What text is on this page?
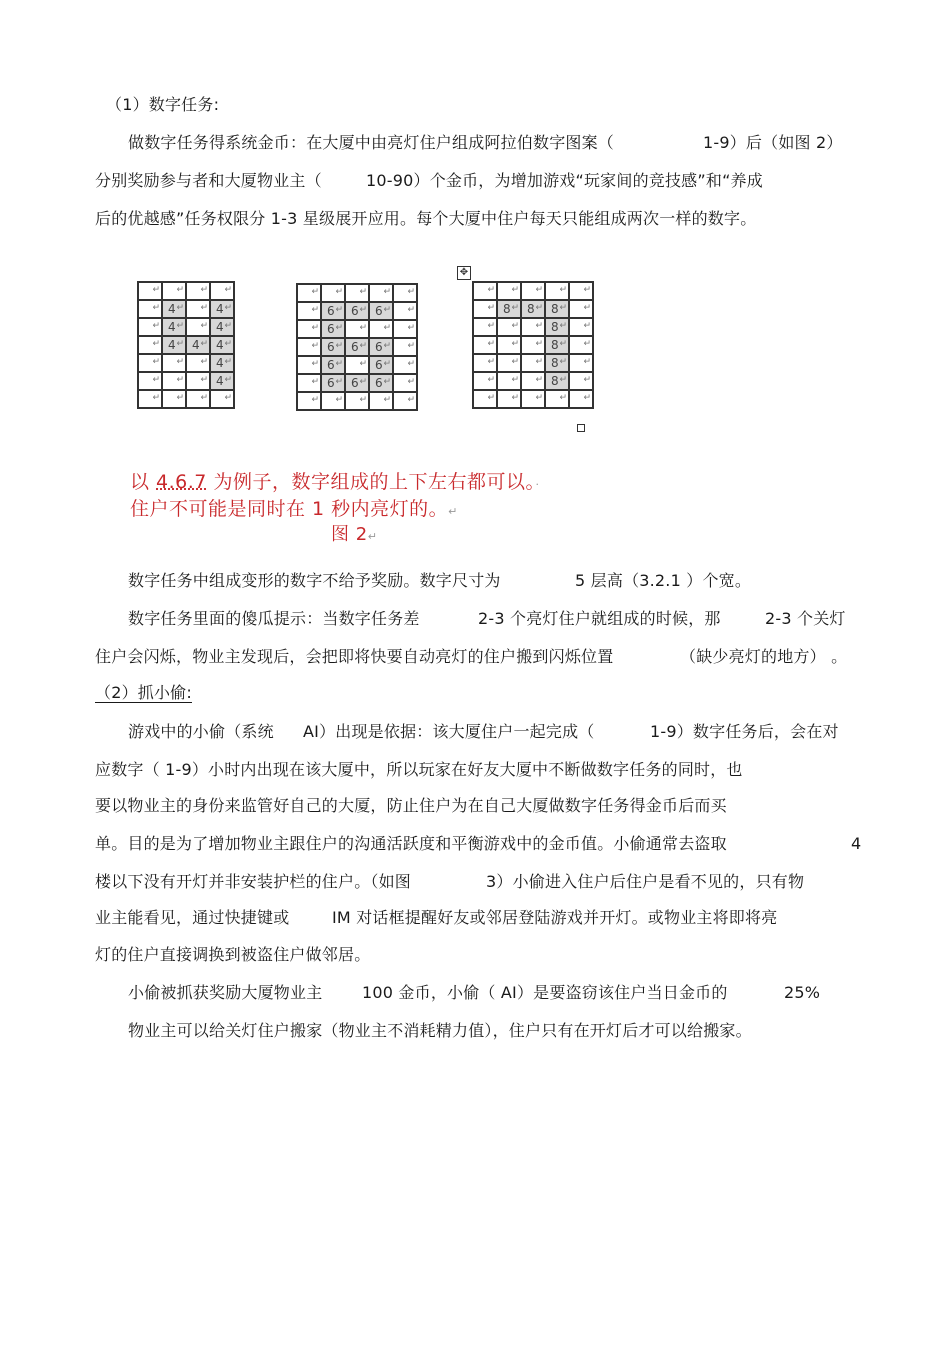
（1）数字任务:
做数字任务得系统金币：在大厦中由亮灯住户组成阿拉伯数字图案（	1-9）后（如图 2）
分别奖励参与者和大厦物业主（	10-90）个金币，为增加游戏“玩家间的竞技感”和“养成
后的优越感”任务权限分 1-3 星级展开应用。每个大厦中住户每天只能组成两次一样的数字。
↵	↵	↵	↵

↵	4 ↵	↵	4 ↵

↵	4 ↵	↵	4 ↵

↵	4 ↵	4 ↵	4 ↵

↵	↵	↵	4 ↵

↵	↵	↵	4 ↵

↵	↵	↵	↵
↵	↵	↵	↵	↵

↵	6 ↵	6 ↵	6 ↵	↵

↵	6 ↵	↵	↵	↵

↵	6 ↵	6 ↵	6 ↵	↵

↵	6 ↵	↵	6 ↵	↵

↵	6 ↵	6 ↵	6 ↵	↵

↵	↵	↵	↵	↵
↵	↵	↵	↵	↵

↵	8 ↵	8 ↵	8 ↵	↵

↵	↵	↵	8 ↵	↵

↵	↵	↵	8 ↵	↵

↵	↵	↵	8 ↵	↵

↵	↵	↵	8 ↵	↵

↵	↵	↵	↵	↵
✥
以 4.6.7 为例子，数字组成的上下左右都可以。·
住户不可能是同时在 1 秒内亮灯的。↵
图 2↵
数字任务中组成变形的数字不给予奖励。数字尺寸为	5 层高（3.2.1 ）个宽。
数字任务里面的傻瓜提示：当数字任务差	2-3 个亮灯住户就组成的时候，那	2-3 个关灯
住户会闪烁，物业主发现后，会把即将快要自动亮灯的住户搬到闪烁位置	（缺少亮灯的地方） 。
（2）抓小偷:
游戏中的小偷（系统 AI）出现是依据：该大厦住户一起完成（	1-9）数字任务后，会在对
应数字（ 1-9）小时内出现在该大厦中，所以玩家在好友大厦中不断做数字任务的同时，也
要以物业主的身份来监管好自己的大厦，防止住户为在自己大厦做数字任务得金币后而买
单。目的是为了增加物业主跟住户的沟通活跃度和平衡游戏中的金币值。小偷通常去盗取	4
楼以下没有开灯并非安装护栏的住户。（如图	3）小偷进入住户后住户是看不见的，只有物
业主能看见，通过快捷键或	IM 对话框提醒好友或邻居登陆游戏并开灯。或物业主将即将亮
灯的住户直接调换到被盗住户做邻居。
小偷被抓获奖励大厦物业主 100 金币，小偷（ AI）是要盗窃该住户当日金币的	25%
物业主可以给关灯住户搬家（物业主不消耗精力值），住户只有在开灯后才可以给搬家。
